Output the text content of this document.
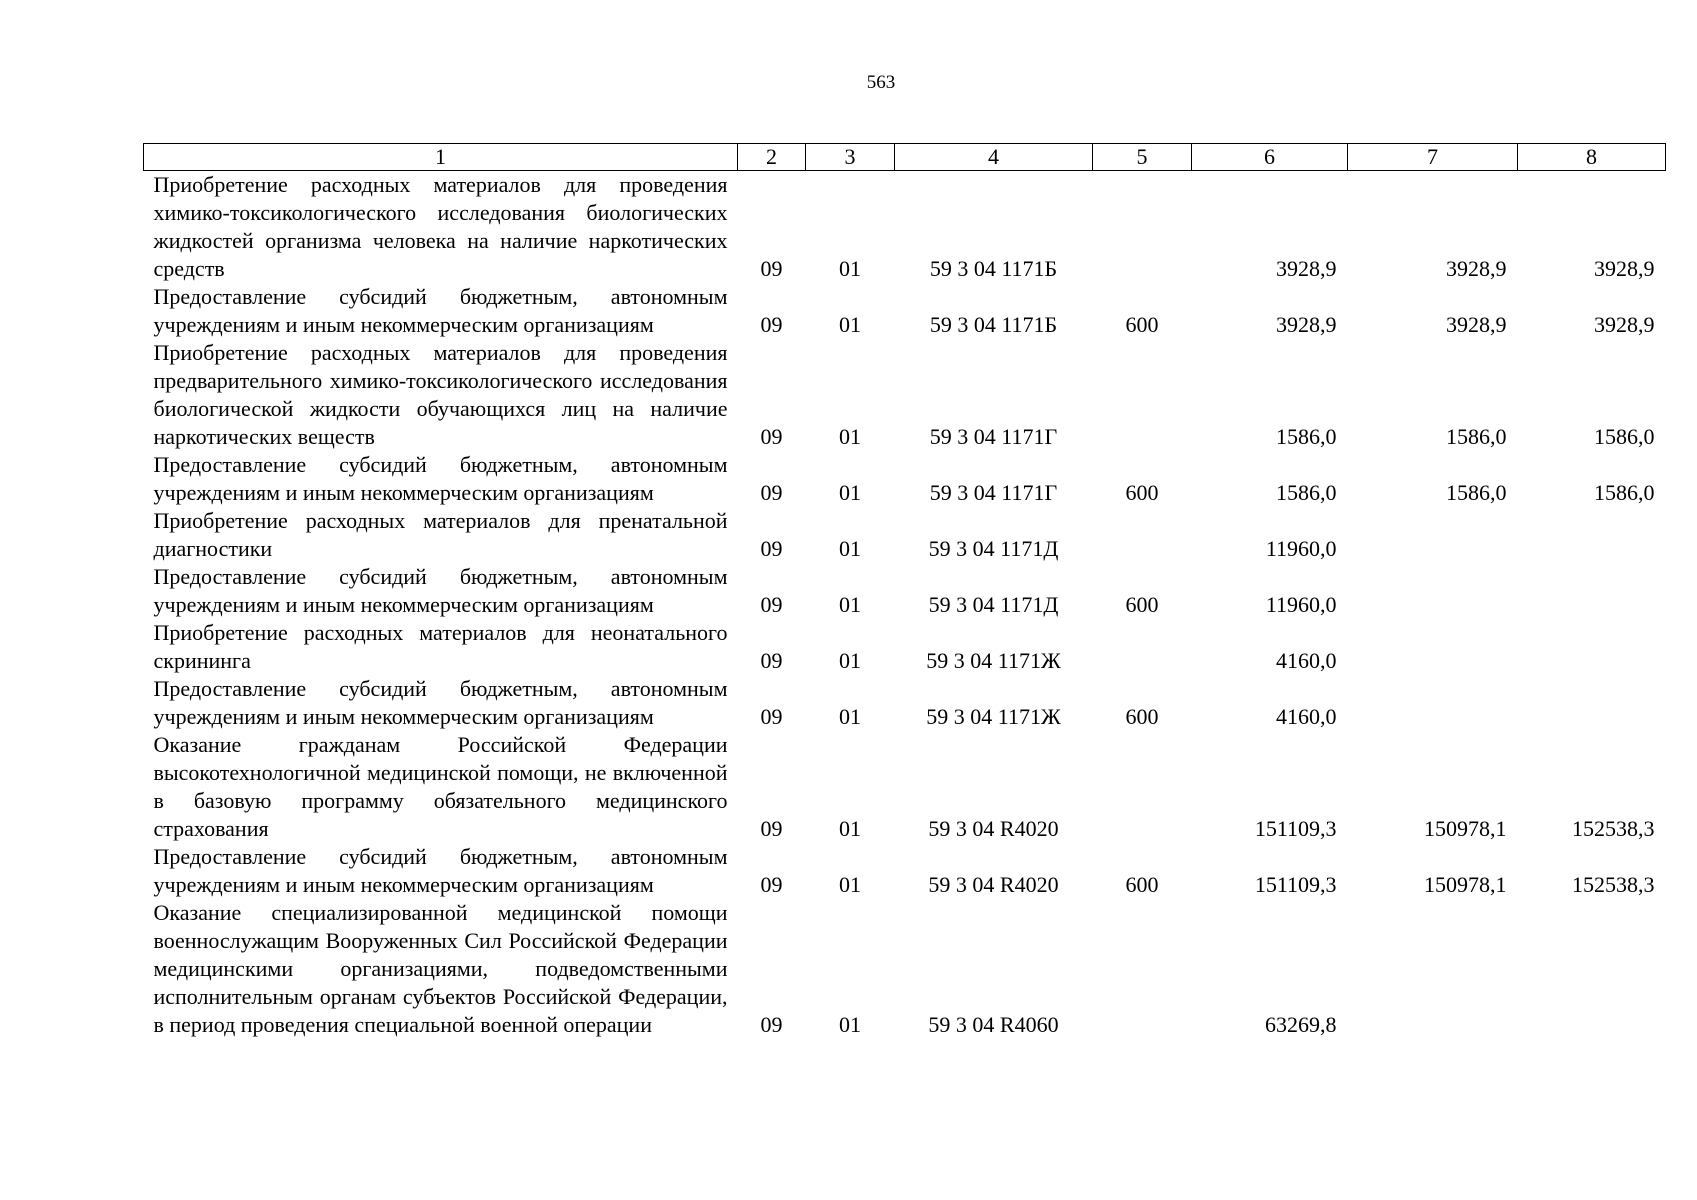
563
1	2	3	4	5	6	7	8
Приобретение расходных материалов для проведения химико-токсикологического исследования биологических жидкостей организма человека на наличие наркотических средств	09	01	59 3 04 1171Б		3928,9	3928,9	3928,9
Предоставление субсидий бюджетным, автономным учреждениям и иным некоммерческим организациям	09	01	59 3 04 1171Б	600	3928,9	3928,9	3928,9
Приобретение расходных материалов для проведения предварительного химико-токсикологического исследования биологической жидкости обучающихся лиц на наличие наркотических веществ	09	01	59 3 04 1171Г		1586,0	1586,0	1586,0
Предоставление субсидий бюджетным, автономным учреждениям и иным некоммерческим организациям	09	01	59 3 04 1171Г	600	1586,0	1586,0	1586,0
Приобретение расходных материалов для пренатальной диагностики	09	01	59 3 04 1171Д		11960,0		
Предоставление субсидий бюджетным, автономным учреждениям и иным некоммерческим организациям	09	01	59 3 04 1171Д	600	11960,0		
Приобретение расходных материалов для неонатального скрининга	09	01	59 3 04 1171Ж		4160,0		
Предоставление субсидий бюджетным, автономным учреждениям и иным некоммерческим организациям	09	01	59 3 04 1171Ж	600	4160,0		
Оказание гражданам Российской Федерации высокотехнологичной медицинской помощи, не включенной в базовую программу обязательного медицинского страхования	09	01	59 3 04 R4020		151109,3	150978,1	152538,3
Предоставление субсидий бюджетным, автономным учреждениям и иным некоммерческим организациям	09	01	59 3 04 R4020	600	151109,3	150978,1	152538,3
Оказание специализированной медицинской помощи военнослужащим Вооруженных Сил Российской Федерации медицинскими организациями, подведомственными исполнительным органам субъектов Российской Федерации, в период проведения специальной военной операции	09	01	59 3 04 R4060		63269,8		
